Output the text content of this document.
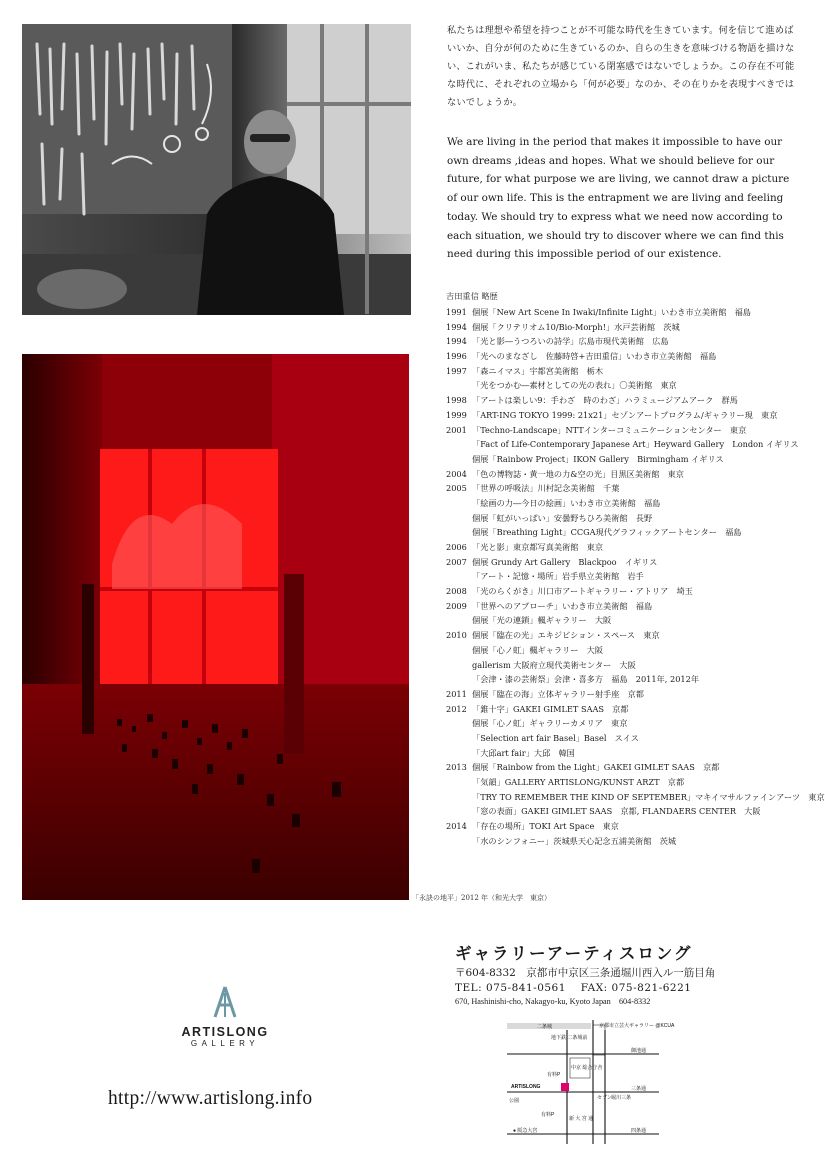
「永訣の地平」2012 年（和光大学　東京）
私たちは理想や希望を持つことが不可能な時代を生きています。何を信じて進めばいいか、自分が何のために生きているのか、自らの生きを意味づける物語を描けない、これがいま、私たちが感じている閉塞感ではないでしょうか。この存在不可能な時代に、それぞれの立場から「何が必要」なのか、その在りかを表現すべきではないでしょうか。
We are living in the period that makes it impossible to have our own dreams ,ideas and hopes. What we should believe for our future, for what purpose we are living, we cannot draw a picture of our own life. This is the entrapment we are living and feeling today. We should try to express what we need now according to each situation, we should try to discover where we can find this need during this impossible period of our existence.
吉田重信 略歴
1991 個展「New Art Scene In Iwaki/Infinite Light」いわき市立美術館　福島
1994 個展「クリテリオム10/Bio-Morph!」水戸芸術館　茨城
1994 「光と影―うつろいの詩学」広島市現代美術館　広島
1996 「光へのまなざし　佐藤時啓+吉田重信」いわき市立美術館　福島
1997 「森ニイマス」宇都宮美術館　栃木
「光をつかむ―素材としての光の表れ」〇美術館　東京
1998 「アートは楽しい9：手わざ　時のわざ」ハラミュージアムアーク　群馬
1999 「ART-ING TOKYO 1999: 21x21」セゾンアートプログラム/ギャラリー現　東京
2001 「Techno-Landscape」NTTインターコミュニケーションセンター　東京
「Fact of Life-Contemporary Japanese Art」Heyward Gallery　London イギリス
個展「Rainbow Project」IKON Gallery　Birmingham イギリス
2004 「色の博物誌・黄一地の力&空の光」目黒区美術館　東京
2005 「世界の呼吸法」川村記念美術館　千葉
「絵画の力―今日の絵画」いわき市立美術館　福島
個展「虹がいっぱい」安曇野ちひろ美術館　長野
個展「Breathing Light」CCGA現代グラフィックアートセンター　福島
2006 「光と影」東京都写真美術館　東京
2007 個展 Grundy Art Gallery　Blackpoo　イギリス
「アート・記憶・場所」岩手県立美術館　岩手
2008 「光のらくがき」川口市アートギャラリー・アトリア　埼玉
2009 「世界へのアプローチ」いわき市立美術館　福島
個展「光の連鎖」楓ギャラリー　大阪
2010 個展「臨在の光」エキジビション・スペース　東京
個展「心ノ虹」楓ギャラリー　大阪
gallerism 大阪府立現代美術センター　大阪
「会津・漆の芸術祭」会津・喜多方　福島　2011年, 2012年
2011 個展「臨在の海」立体ギャラリー射手座　京都
2012 「錐十字」GAKEI GIMLET SAAS　京都
個展「心ノ虹」ギャラリーカメリア　東京
「Selection art fair Basel」Basel　スイス
「大邱art fair」大邱　韓国
2013 個展「Rainbow from the Light」GAKEI GIMLET SAAS　京都
「気韻」GALLERY ARTISLONG/KUNST ARZT　京都
「TRY TO REMEMBER THE KIND OF SEPTEMBER」マキイマサルファインアーツ　東京
「窓の表面」GAKEI GIMLET SAAS　京都, FLANDAERS CENTER　大阪
2014 「存在の場所」TOKI Art Space　東京
「水のシンフォニー」茨城県天心記念五浦美術館　茨城
ギャラリーアーティスロング
〒604-8332　京都市中京区三条通堀川西入ル一筋目角
TEL: 075-841-0561　 FAX: 075-821-6221
670, Hashinishi-cho, Nakagyo-ku, Kyoto Japan　604-8332
ARTISLONG
GALLERY
http://www.artislong.info
二条城
地下鉄 二条城前
京都市立芸大ギャラリー @KCUA
御池通
中京 総合庁舎
ARTISLONG	三条通
公園
有料P
セブン 堀川三条
有料P
新 大 宮 通
四条通
● 阪急大宮
